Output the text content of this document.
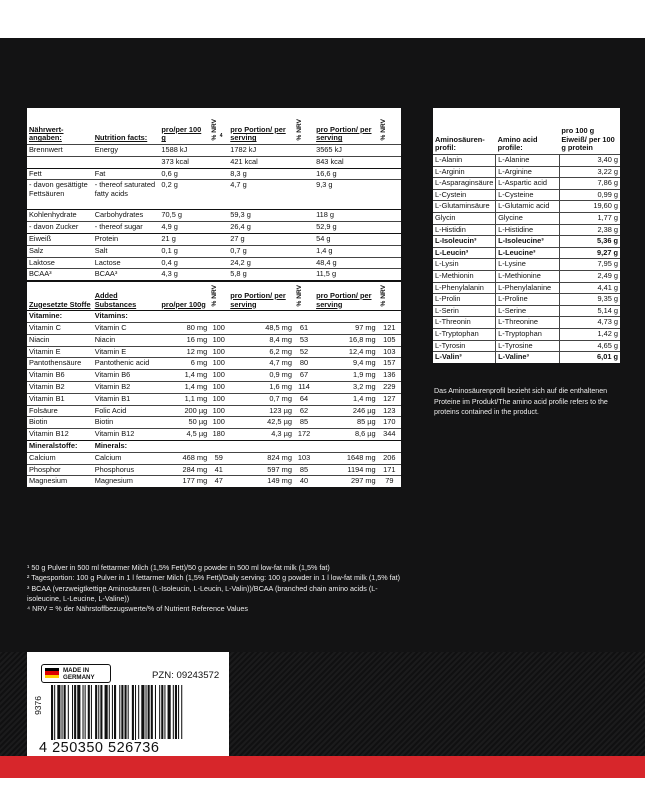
Nährwert-angaben:	Nutrition facts:	pro/per 100 g	% NRV $^4$	pro Portion/ per serving	% NRV	pro Portion/ per serving	% NRV
Brennwert	Energy	1588 kJ		1782 kJ		3565 kJ	
		373 kcal		421 kcal		843 kcal	
Fett	Fat	0,6 g		8,3 g		16,6 g	
- davon gesättigte Fettsäuren	- thereof saturated fatty acids	0,2 g		4,7 g		9,3 g	
Kohlenhydrate	Carbohydrates	70,5 g		59,3 g		118 g	
- davon Zucker	- thereof sugar	4,9 g		26,4 g		52,9 g	
Eiweiß	Protein	21 g		27 g		54 g	
Salz	Salt	0,1 g		0,7 g		1,4 g	
Laktose	Lactose	0,4 g		24,2 g		48,4 g	
BCAA³	BCAA³	4,3 g		5,8 g		11,5 g	
Zugesetzte Stoffe	Added Substances	pro/per 100g	% NRV	pro Portion/ per serving	% NRV	pro Portion/ per serving	% NRV
Vitamine:	Vitamins:						
Vitamin C	Vitamin C	80 mg	100	48,5 mg	61	97 mg	121
Niacin	Niacin	16 mg	100	8,4 mg	53	16,8 mg	105
Vitamin E	Vitamin E	12 mg	100	6,2 mg	52	12,4 mg	103
Pantothensäure	Pantothenic acid	6 mg	100	4,7 mg	80	9,4 mg	157
Vitamin B6	Vitamin B6	1,4 mg	100	0,9 mg	67	1,9 mg	136
Vitamin B2	Vitamin B2	1,4 mg	100	1,6 mg	114	3,2 mg	229
Vitamin B1	Vitamin B1	1,1 mg	100	0,7 mg	64	1,4 mg	127
Folsäure	Folic Acid	200 µg	100	123 µg	62	246 µg	123
Biotin	Biotin	50 µg	100	42,5 µg	85	85 µg	170
Vitamin B12	Vitamin B12	4,5 µg	180	4,3 µg	172	8,6 µg	344
Mineralstoffe:	Minerals:						
Calcium	Calcium	468 mg	59	824 mg	103	1648 mg	206
Phosphor	Phosphorus	284 mg	41	597 mg	85	1194 mg	171
Magnesium	Magnesium	177 mg	47	149 mg	40	297 mg	79
Aminosäuren-profil:	Amino acid profile:	pro 100 g Eiweiß/ per 100 g protein
L-Alanin	L-Alanine	3,40 g
L-Arginin	L-Arginine	3,22 g
L-Asparaginsäure	L-Aspartic acid	7,86 g
L-Cystein	L-Cysteine	0,99 g
L-Glutaminsäure	L-Glutamic acid	19,60 g
Glycin	Glycine	1,77 g
L-Histidin	L-Histidine	2,38 g
L-Isoleucin³	L-Isoleucine³	5,36 g
L-Leucin³	L-Leucine³	9,27 g
L-Lysin	L-Lysine	7,95 g
L-Methionin	L-Methionine	2,49 g
L-Phenylalanin	L-Phenylalanine	4,41 g
L-Prolin	L-Proline	9,35 g
L-Serin	L-Serine	5,14 g
L-Threonin	L-Threonine	4,73 g
L-Tryptophan	L-Tryptophan	1,42 g
L-Tyrosin	L-Tyrosine	4,65 g
L-Valin³	L-Valine³	6,01 g
Das Aminosäurenprofil bezieht sich auf die enthaltenen Proteine im Produkt/The amino acid profile refers to the proteins contained in the product.

¹ 50 g Pulver in 500 ml fettarmer Milch (1,5% Fett)/50 g powder in 500 ml low-fat milk (1,5% fat)

² Tagesportion: 100 g Pulver in 1 l fettarmer Milch (1,5% Fett)/Daily serving: 100 g powder in 1 l low-fat milk (1,5% fat)

³ BCAA (verzweigtkettige Aminosäuren (L-Isoleucin, L-Leucin, L-Valin))/BCAA (branched chain amino acids (L-isoleucine, L-Leucine, L-Valine))

⁴ NRV = % der Nährstoffbezugswerte/% of Nutrient Reference Values

MADE IN GERMANY	PZN: 09243572
9376
4 250350 526736
